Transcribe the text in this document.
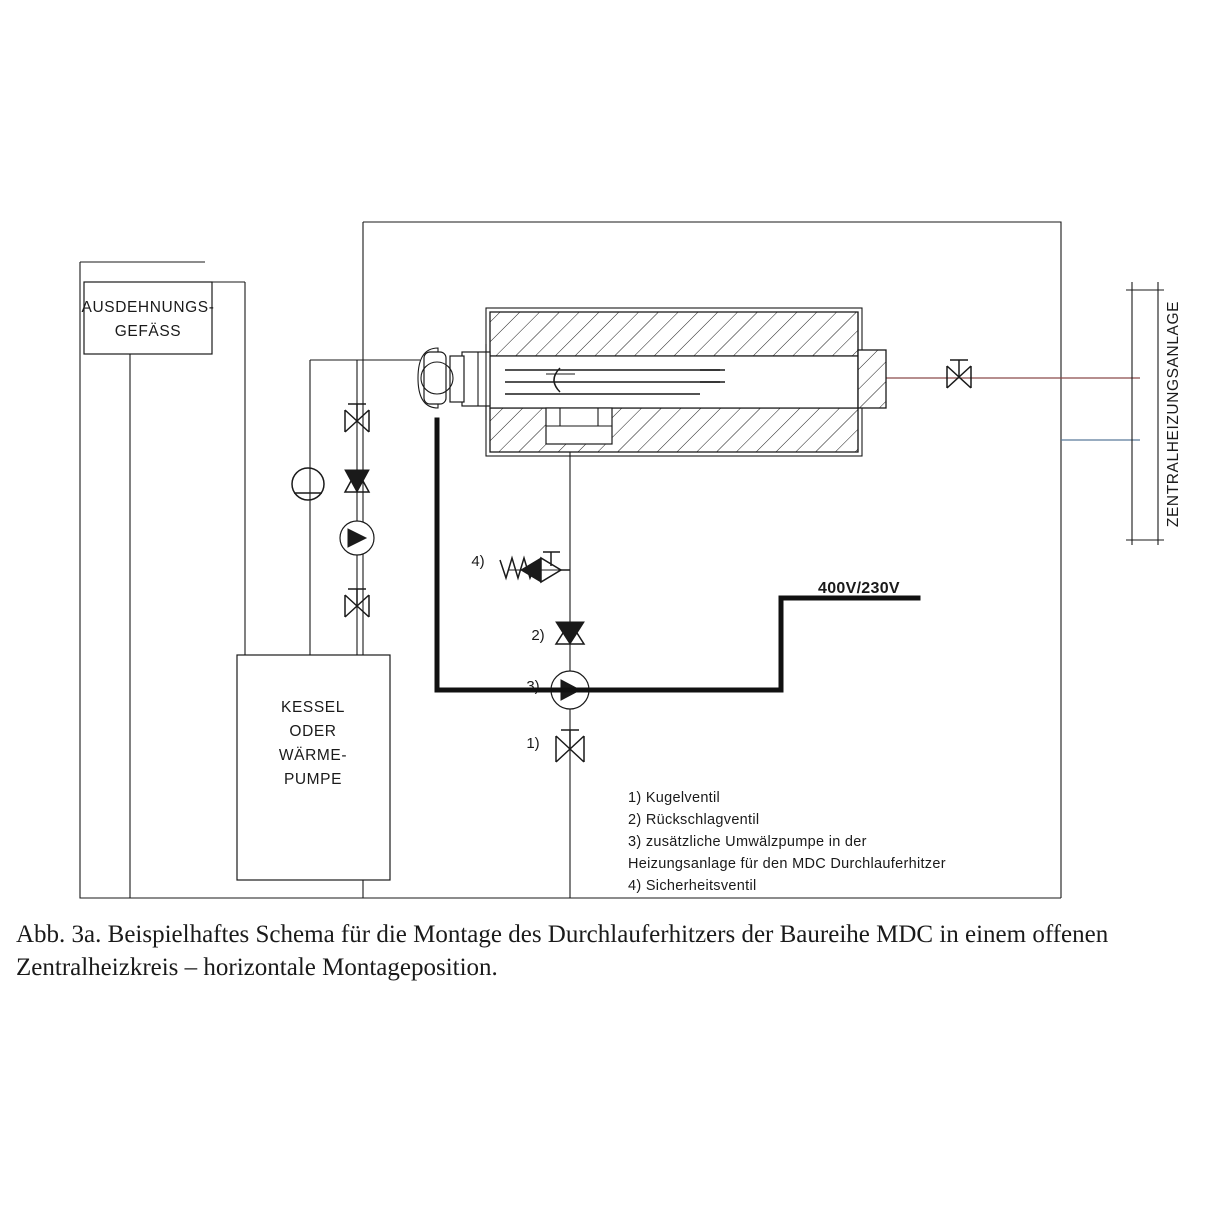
AUSDEHNUNGS-
GEFÄSS
KESSEL
ODER
WÄRME-
PUMPE
ZENTRALHEIZUNGSANLAGE
4)
2)
3)
1)
400V/230V
1) Kugelventil
2) Rückschlagventil
3) zusätzliche Umwälzpumpe in der
Heizungsanlage für den MDC Durchlauferhitzer
4) Sicherheitsventil
Abb. 3a. Beispielhaftes Schema für die Montage des Durchlauferhitzers der Baureihe MDC in einem offenen Zentralheizkreis – horizontale Montageposition.
